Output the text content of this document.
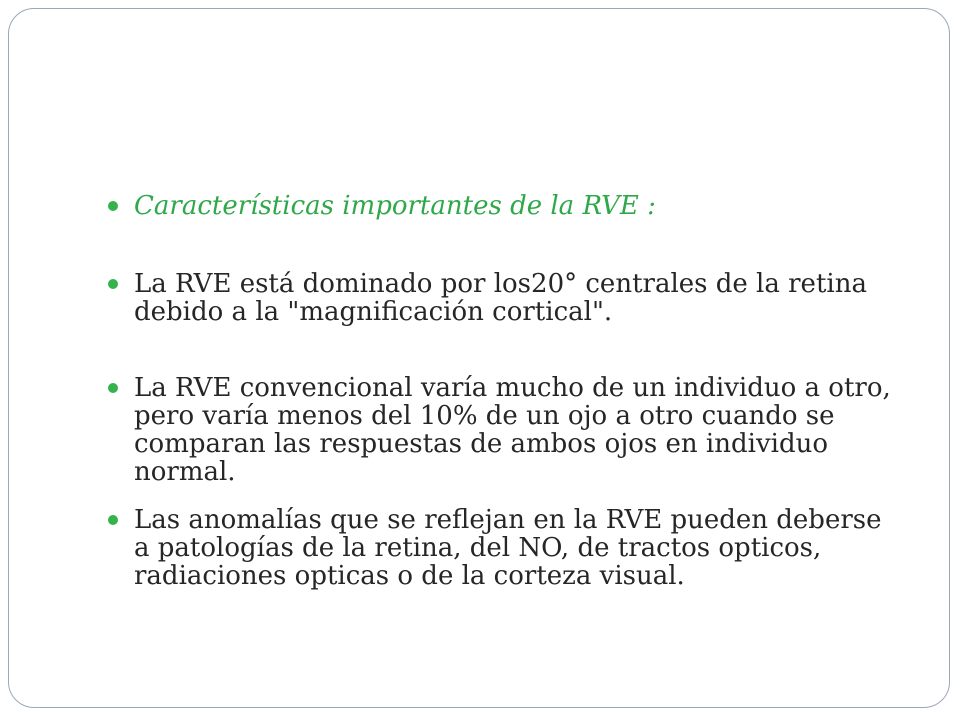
Características importantes de la RVE :
La RVE está dominado por los20° centrales de la retina debido a la "magnificación cortical".
La RVE convencional varía mucho de un individuo a otro, pero varía menos del 10% de un ojo a otro cuando se comparan las respuestas de ambos ojos en individuo normal.
Las anomalías que se reflejan en la RVE pueden deberse a patologías de la retina, del NO, de tractos opticos, radiaciones opticas o de la corteza visual.
